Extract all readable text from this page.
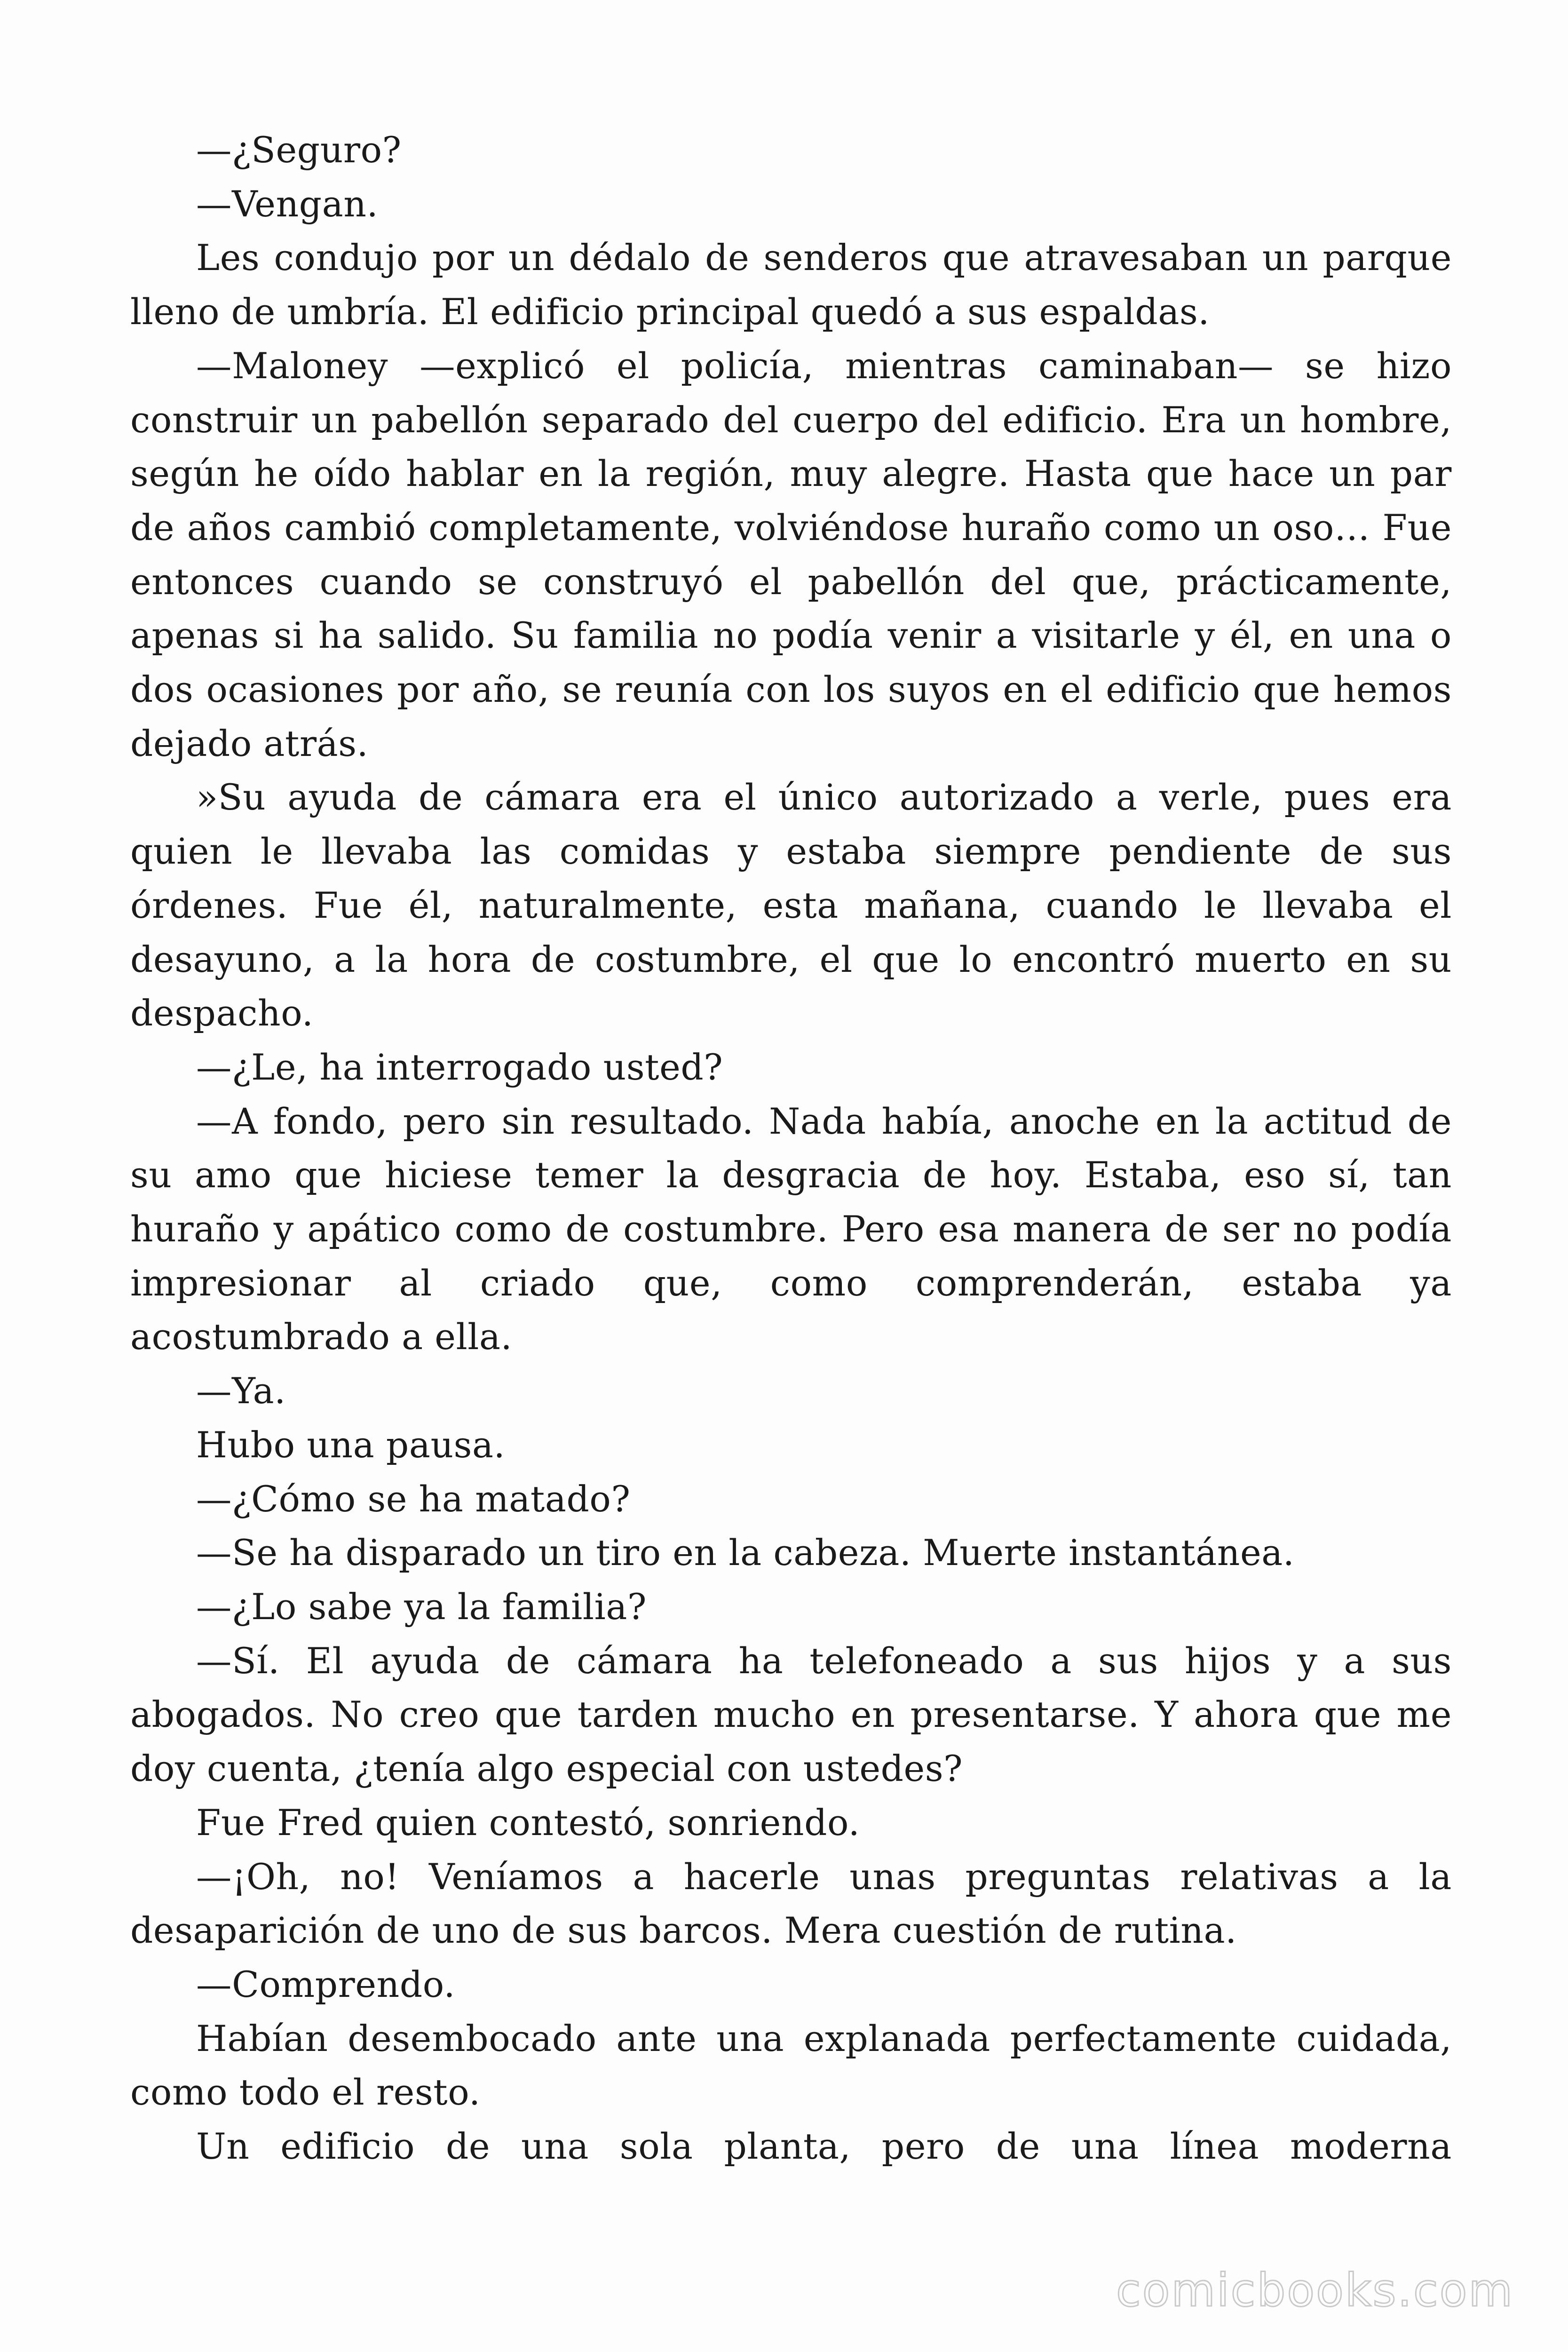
—¿Seguro?

—Vengan.

Les condujo por un dédalo de senderos que atravesaban un parque lleno de umbría. El edificio principal quedó a sus espaldas.

—Maloney —explicó el policía, mientras caminaban— se hizo construir un pabellón separado del cuerpo del edificio. Era un hombre, según he oído hablar en la región, muy alegre. Hasta que hace un par de años cambió completamente, volviéndose huraño como un oso… Fue entonces cuando se construyó el pabellón del que, prácticamente, apenas si ha salido. Su familia no podía venir a visitarle y él, en una o dos ocasiones por año, se reunía con los suyos en el edificio que hemos dejado atrás.

»Su ayuda de cámara era el único autorizado a verle, pues era quien le llevaba las comidas y estaba siempre pendiente de sus órdenes. Fue él, naturalmente, esta mañana, cuando le llevaba el desayuno, a la hora de costumbre, el que lo encontró muerto en su despacho.

—¿Le, ha interrogado usted?

—A fondo, pero sin resultado. Nada había, anoche en la actitud de su amo que hiciese temer la desgracia de hoy. Estaba, eso sí, tan huraño y apático como de costumbre. Pero esa manera de ser no podía impresionar al criado que, como comprenderán, estaba ya acostumbrado a ella.

—Ya.

Hubo una pausa.

—¿Cómo se ha matado?

—Se ha disparado un tiro en la cabeza. Muerte instantánea.

—¿Lo sabe ya la familia?

—Sí. El ayuda de cámara ha telefoneado a sus hijos y a sus abogados. No creo que tarden mucho en presentarse. Y ahora que me doy cuenta, ¿tenía algo especial con ustedes?

Fue Fred quien contestó, sonriendo.

—¡Oh, no! Veníamos a hacerle unas preguntas relativas a la desaparición de uno de sus barcos. Mera cuestión de rutina.

—Comprendo.

Habían desembocado ante una explanada perfectamente cuidada, como todo el resto.

Un edificio de una sola planta, pero de una línea moderna

comicbooks.com
